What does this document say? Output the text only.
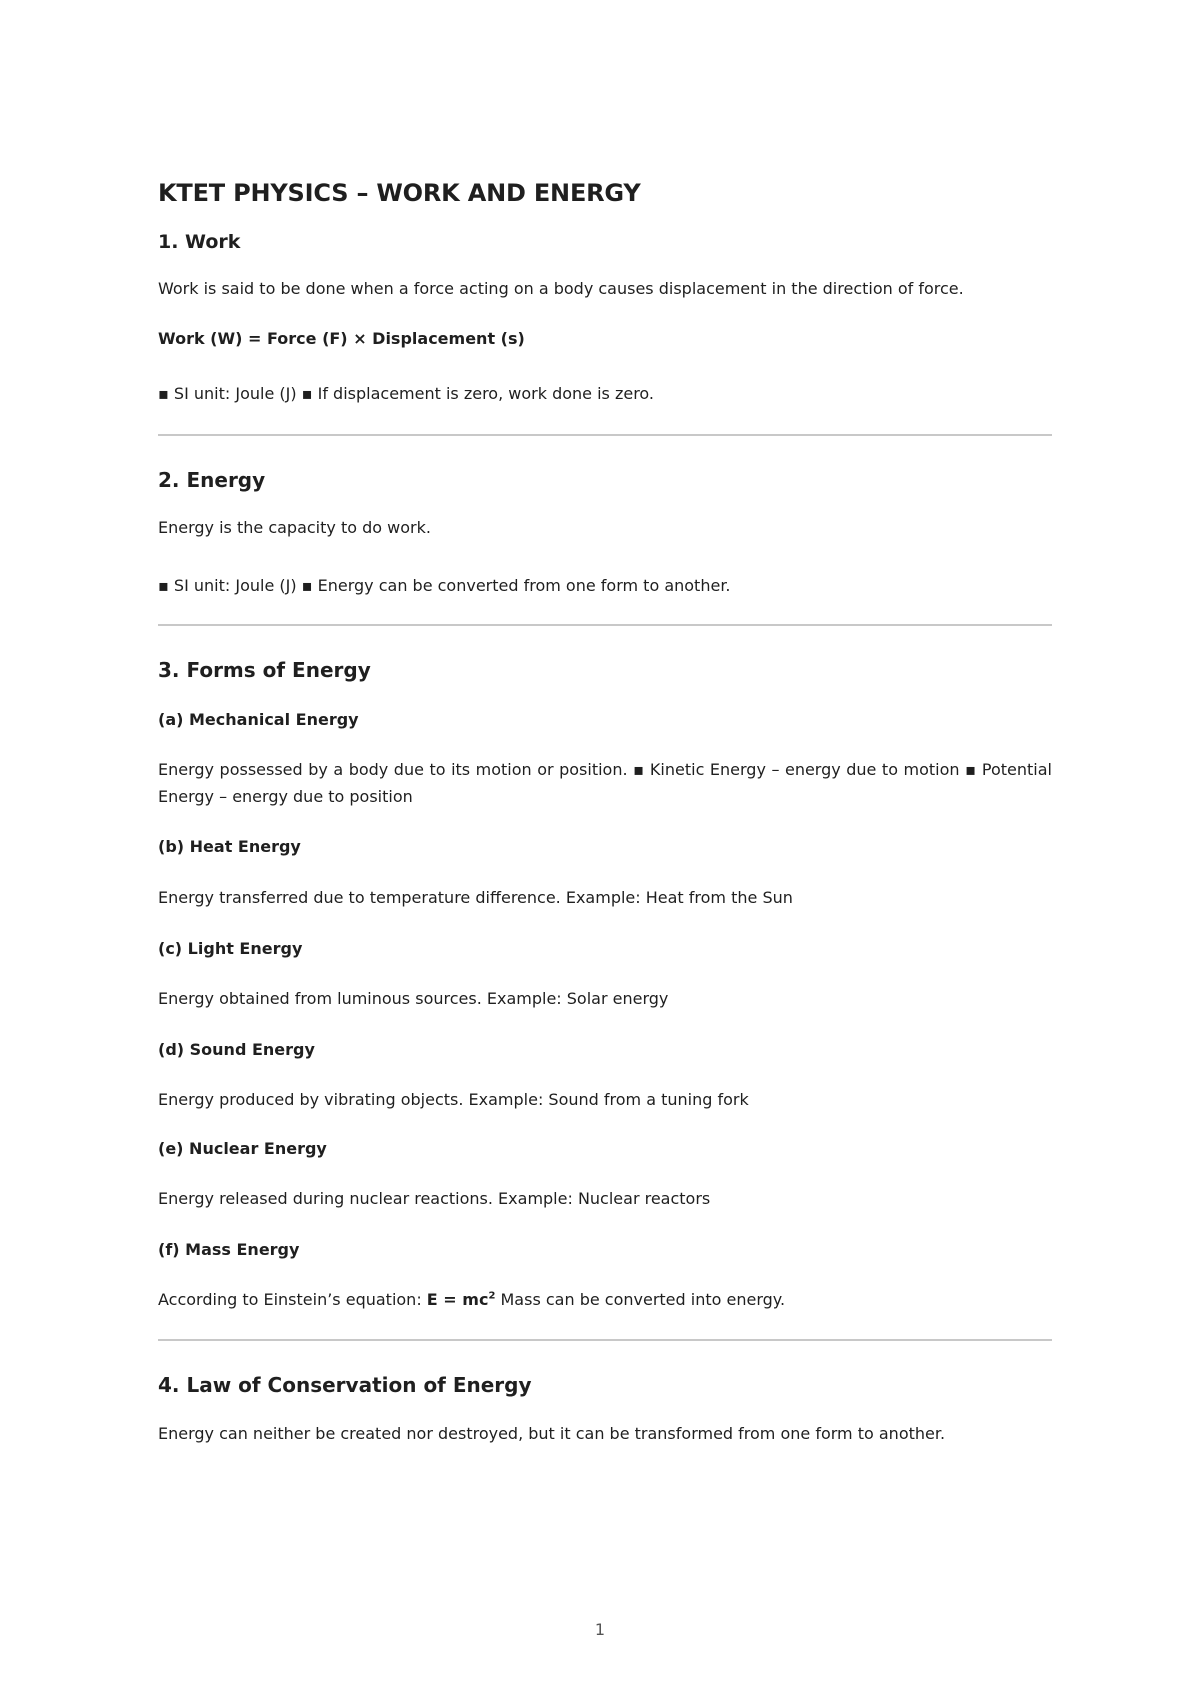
KTET PHYSICS – WORK AND ENERGY
1. Work

Work is said to be done when a force acting on a body causes displacement in the direction of force.

Work (W) = Force (F) × Displacement (s)

▪ SI unit: Joule (J) ▪ If displacement is zero, work done is zero.

2. Energy

Energy is the capacity to do work.

▪ SI unit: Joule (J) ▪ Energy can be converted from one form to another.

3. Forms of Energy
(a) Mechanical Energy

Energy possessed by a body due to its motion or position. ▪ Kinetic Energy – energy due to motion ▪ Potential Energy – energy due to position

(b) Heat Energy

Energy transferred due to temperature difference. Example: Heat from the Sun

(c) Light Energy

Energy obtained from luminous sources. Example: Solar energy

(d) Sound Energy

Energy produced by vibrating objects. Example: Sound from a tuning fork

(e) Nuclear Energy

Energy released during nuclear reactions. Example: Nuclear reactors

(f) Mass Energy

According to Einstein’s equation: $E = mc^2$ Mass can be converted into energy.

4. Law of Conservation of Energy

Energy can neither be created nor destroyed, but it can be transformed from one form to another.

1
